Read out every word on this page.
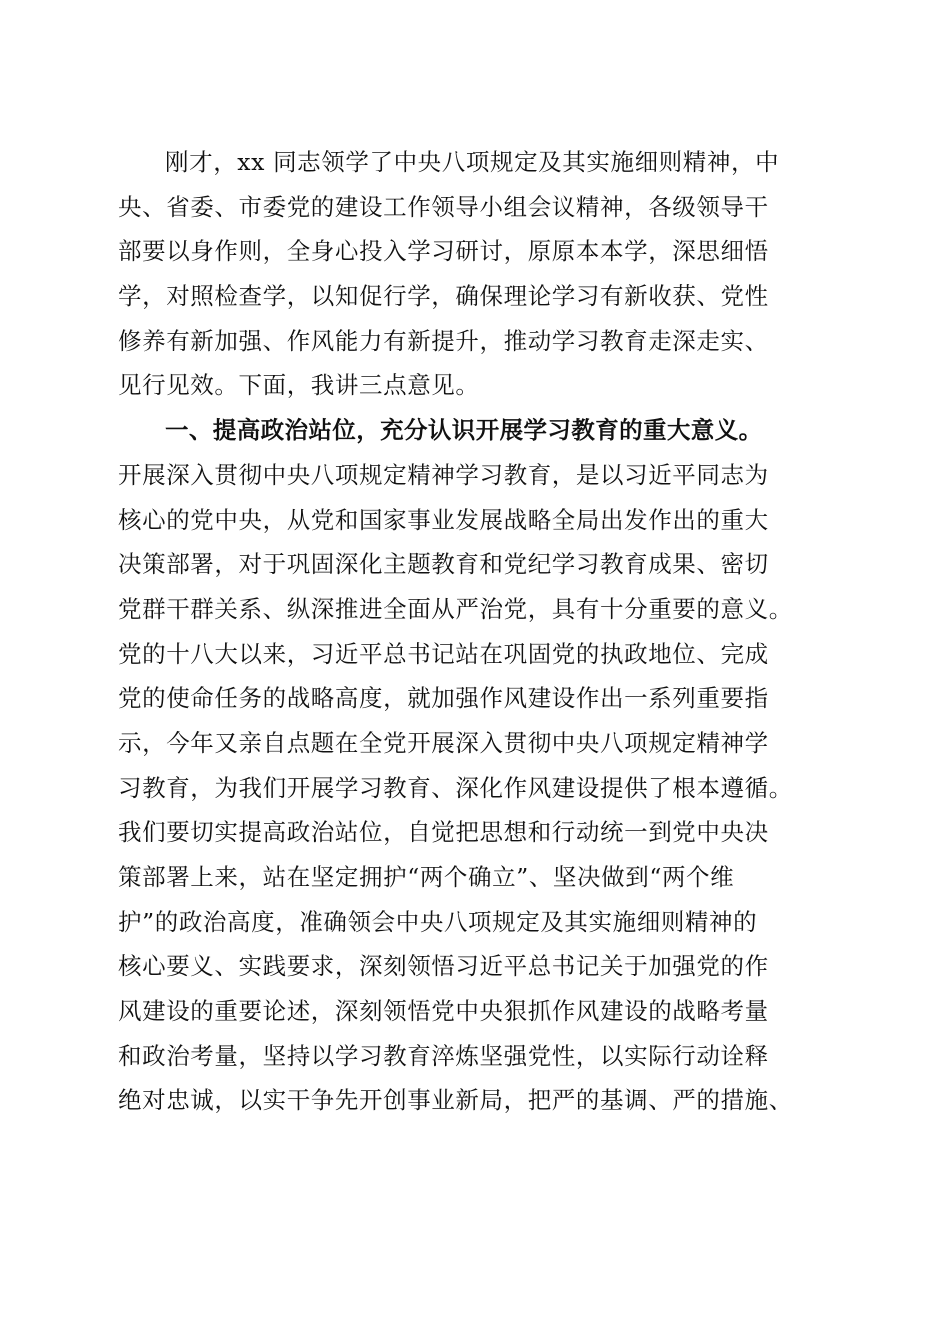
刚才，xx 同志领学了中央八项规定及其实施细则精神，中
央、省委、市委党的建设工作领导小组会议精神，各级领导干
部要以身作则，全身心投入学习研讨，原原本本学，深思细悟
学，对照检查学，以知促行学，确保理论学习有新收获、党性
修养有新加强、作风能力有新提升，推动学习教育走深走实、
见行见效。下面，我讲三点意见。
一、提高政治站位，充分认识开展学习教育的重大意义。
开展深入贯彻中央八项规定精神学习教育，是以习近平同志为
核心的党中央，从党和国家事业发展战略全局出发作出的重大
决策部署，对于巩固深化主题教育和党纪学习教育成果、密切
党群干群关系、纵深推进全面从严治党，具有十分重要的意义。
党的十八大以来，习近平总书记站在巩固党的执政地位、完成
党的使命任务的战略高度，就加强作风建设作出一系列重要指
示，今年又亲自点题在全党开展深入贯彻中央八项规定精神学
习教育，为我们开展学习教育、深化作风建设提供了根本遵循。
我们要切实提高政治站位，自觉把思想和行动统一到党中央决
策部署上来，站在坚定拥护“两个确立”、坚决做到“两个维
护”的政治高度，准确领会中央八项规定及其实施细则精神的
核心要义、实践要求，深刻领悟习近平总书记关于加强党的作
风建设的重要论述，深刻领悟党中央狠抓作风建设的战略考量
和政治考量，坚持以学习教育淬炼坚强党性，以实际行动诠释
绝对忠诚，以实干争先开创事业新局，把严的基调、严的措施、
